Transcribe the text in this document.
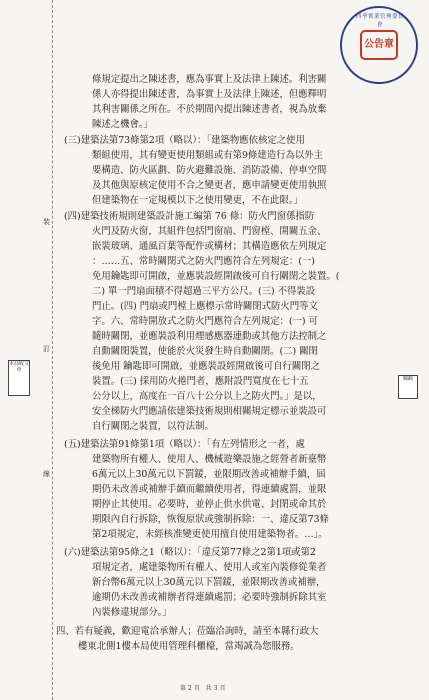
裝
訂
線
本局收文章
郵戳
四季實業管理委員會
公告章
條規定提出之陳述書，應為事實上及法律上陳述。利害關
係人亦得提出陳述書，為事實上及法律上陳述，但應釋明
其利害關係之所在。不於期間內提出陳述書者，視為放棄
陳述之機會。」
(三)建築法第73條第2項（略以）：「建築物應依核定之使用
類組使用，其有變更使用類組或有第9條建造行為以外主
要構造、防火區劃、防火避難設施、消防設備、停車空間
及其他與原核定使用不合之變更者，應申請變更使用執照
但建築物在一定規模以下之使用變更，不在此限。」
(四)建築技術規則建築設計施工編第 76 條：防火門窗係指防
火門及防火窗，其組件包括門窗扇、門窗樘、開關五金、
嵌裝玻璃、通風百葉等配件或構材；其構造應依左列規定
：……五、常時關閉式之防火門應符合左列規定：(一)
免用鑰匙即可開啟，並應裝設經開啟後可自行關閉之裝置。(
二) 單一門扇面積不得超過三平方公尺。(三) 不得裝設
門止。(四) 門扇或門樘上應標示常時關閉式防火門等文
字。六、常時開放式之防火門應符合左列規定：(一) 可
隨時關閉，並應裝設利用煙感應器連動或其他方法控制之
自動關閉裝置，使能於火災發生時自動關閉。(二) 關閉
後免用 鑰匙即可開啟，並應裝設經開啟後可自行關閉之
裝置。(三) 採用防火捲門者，應附設門寬度在七十五
公分以上，高度在一百八十公分以上之防火門。」是以，
安全梯防火門應請依建築技術規則相關規定標示並裝設可
自行關閉之裝置，以符法制。
(五)建築法第91條第1項（略以）：「有左列情形之一者，處
建築物所有權人、使用人、機械遊樂設施之經營者新臺幣
6萬元以上30萬元以下罰鍰，並限期改善或補辦手續，屆
期仍未改善或補辦手續而繼續使用者，得連續處罰，並限
期停止其使用。必要時，並停止供水供電、封閉或命其於
期限內自行拆除，恢復原狀或強制拆除：一、違反第73條
第2項規定，未經核准變更使用擅自使用建築物者。…」。
(六)建築法第95條之1（略以）：「違反第77條之2第1項或第2
項規定者，處建築物所有權人、使用人或室內裝修從業者
新台幣6萬元以上30萬元以下罰鍰，並限期改善或補辦，
逾期仍未改善或補辦者得連續處罰；必要時強制拆除其室
內裝修違規部分。」
四、若有疑義，歡迎電洽承辦人；莅臨洽詢時，請至本縣行政大
樓東北側1樓本局使用管理科櫃檯，當竭誠為您服務。
第2頁 共3頁
